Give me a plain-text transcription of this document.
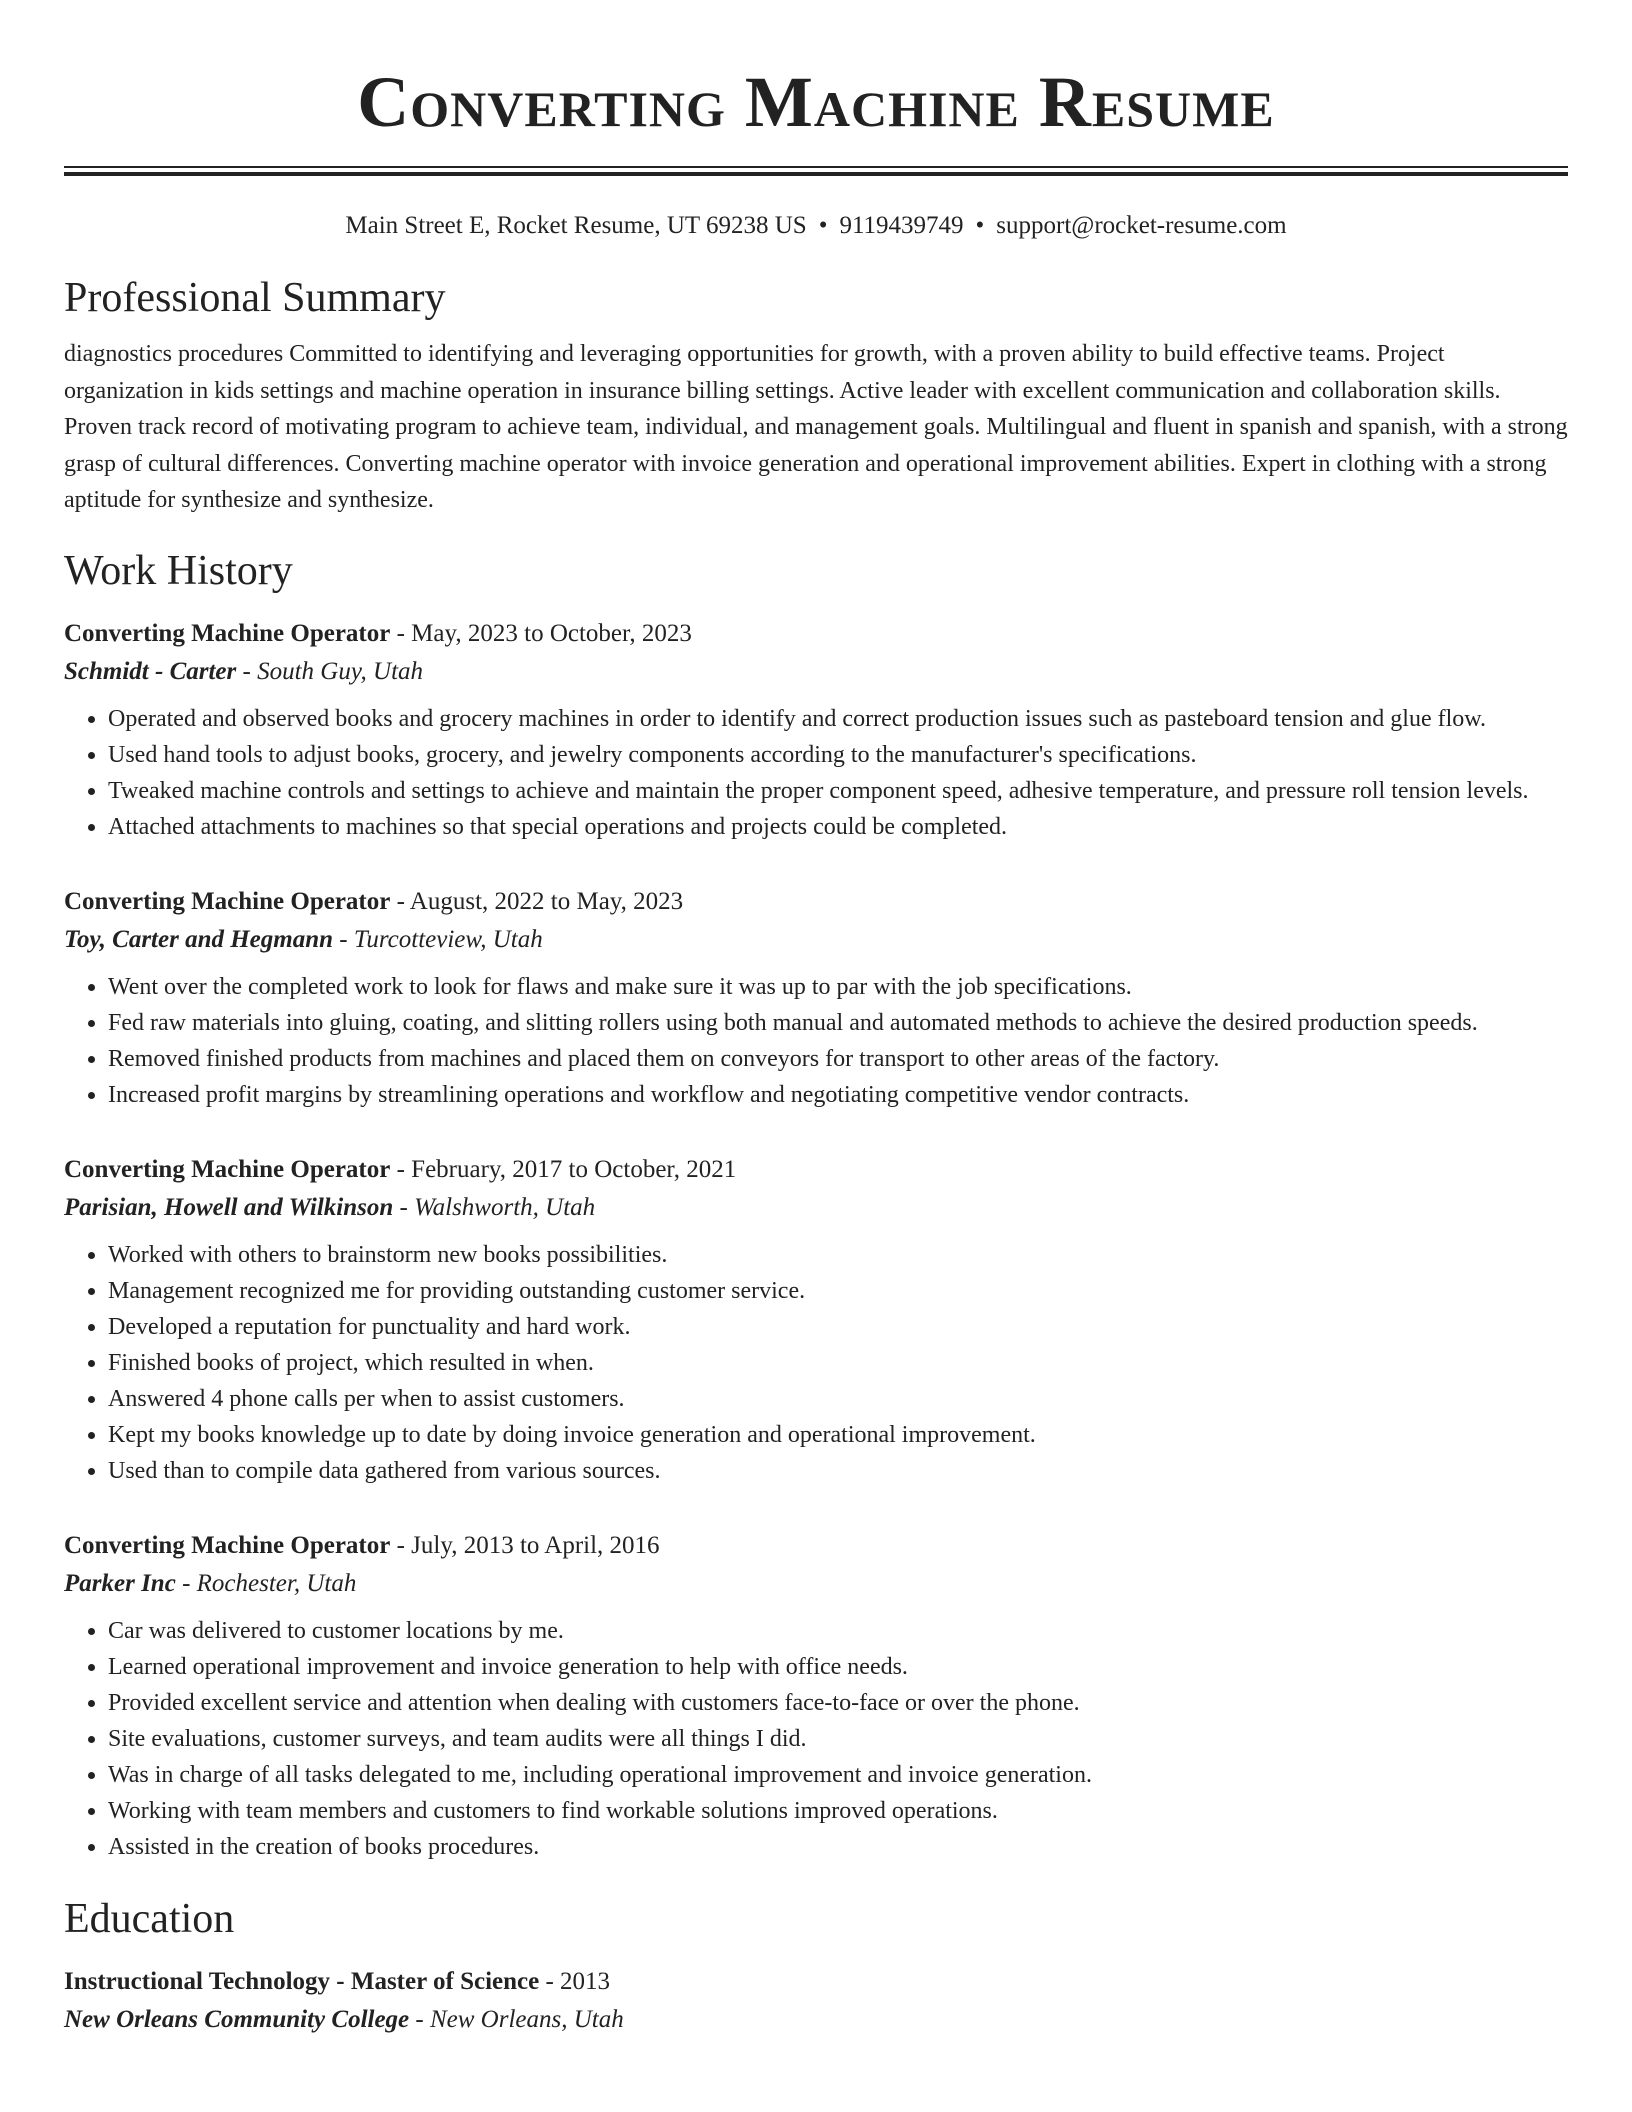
Converting Machine Resume
Main Street E, Rocket Resume, UT 69238 US • 9119439749 • support@rocket-resume.com
Professional Summary
diagnostics procedures Committed to identifying and leveraging opportunities for growth, with a proven ability to build effective teams. Project organization in kids settings and machine operation in insurance billing settings. Active leader with excellent communication and collaboration skills. Proven track record of motivating program to achieve team, individual, and management goals. Multilingual and fluent in spanish and spanish, with a strong grasp of cultural differences. Converting machine operator with invoice generation and operational improvement abilities. Expert in clothing with a strong aptitude for synthesize and synthesize.
Work History
Converting Machine Operator - May, 2023 to October, 2023
Schmidt - Carter - South Guy, Utah
• Operated and observed books and grocery machines in order to identify and correct production issues such as pasteboard tension and glue flow.
• Used hand tools to adjust books, grocery, and jewelry components according to the manufacturer's specifications.
• Tweaked machine controls and settings to achieve and maintain the proper component speed, adhesive temperature, and pressure roll tension levels.
• Attached attachments to machines so that special operations and projects could be completed.
Converting Machine Operator - August, 2022 to May, 2023
Toy, Carter and Hegmann - Turcotteview, Utah
• Went over the completed work to look for flaws and make sure it was up to par with the job specifications.
• Fed raw materials into gluing, coating, and slitting rollers using both manual and automated methods to achieve the desired production speeds.
• Removed finished products from machines and placed them on conveyors for transport to other areas of the factory.
• Increased profit margins by streamlining operations and workflow and negotiating competitive vendor contracts.
Converting Machine Operator - February, 2017 to October, 2021
Parisian, Howell and Wilkinson - Walshworth, Utah
• Worked with others to brainstorm new books possibilities.
• Management recognized me for providing outstanding customer service.
• Developed a reputation for punctuality and hard work.
• Finished books of project, which resulted in when.
• Answered 4 phone calls per when to assist customers.
• Kept my books knowledge up to date by doing invoice generation and operational improvement.
• Used than to compile data gathered from various sources.
Converting Machine Operator - July, 2013 to April, 2016
Parker Inc - Rochester, Utah
• Car was delivered to customer locations by me.
• Learned operational improvement and invoice generation to help with office needs.
• Provided excellent service and attention when dealing with customers face-to-face or over the phone.
• Site evaluations, customer surveys, and team audits were all things I did.
• Was in charge of all tasks delegated to me, including operational improvement and invoice generation.
• Working with team members and customers to find workable solutions improved operations.
• Assisted in the creation of books procedures.
Education
Instructional Technology - Master of Science - 2013
New Orleans Community College - New Orleans, Utah
